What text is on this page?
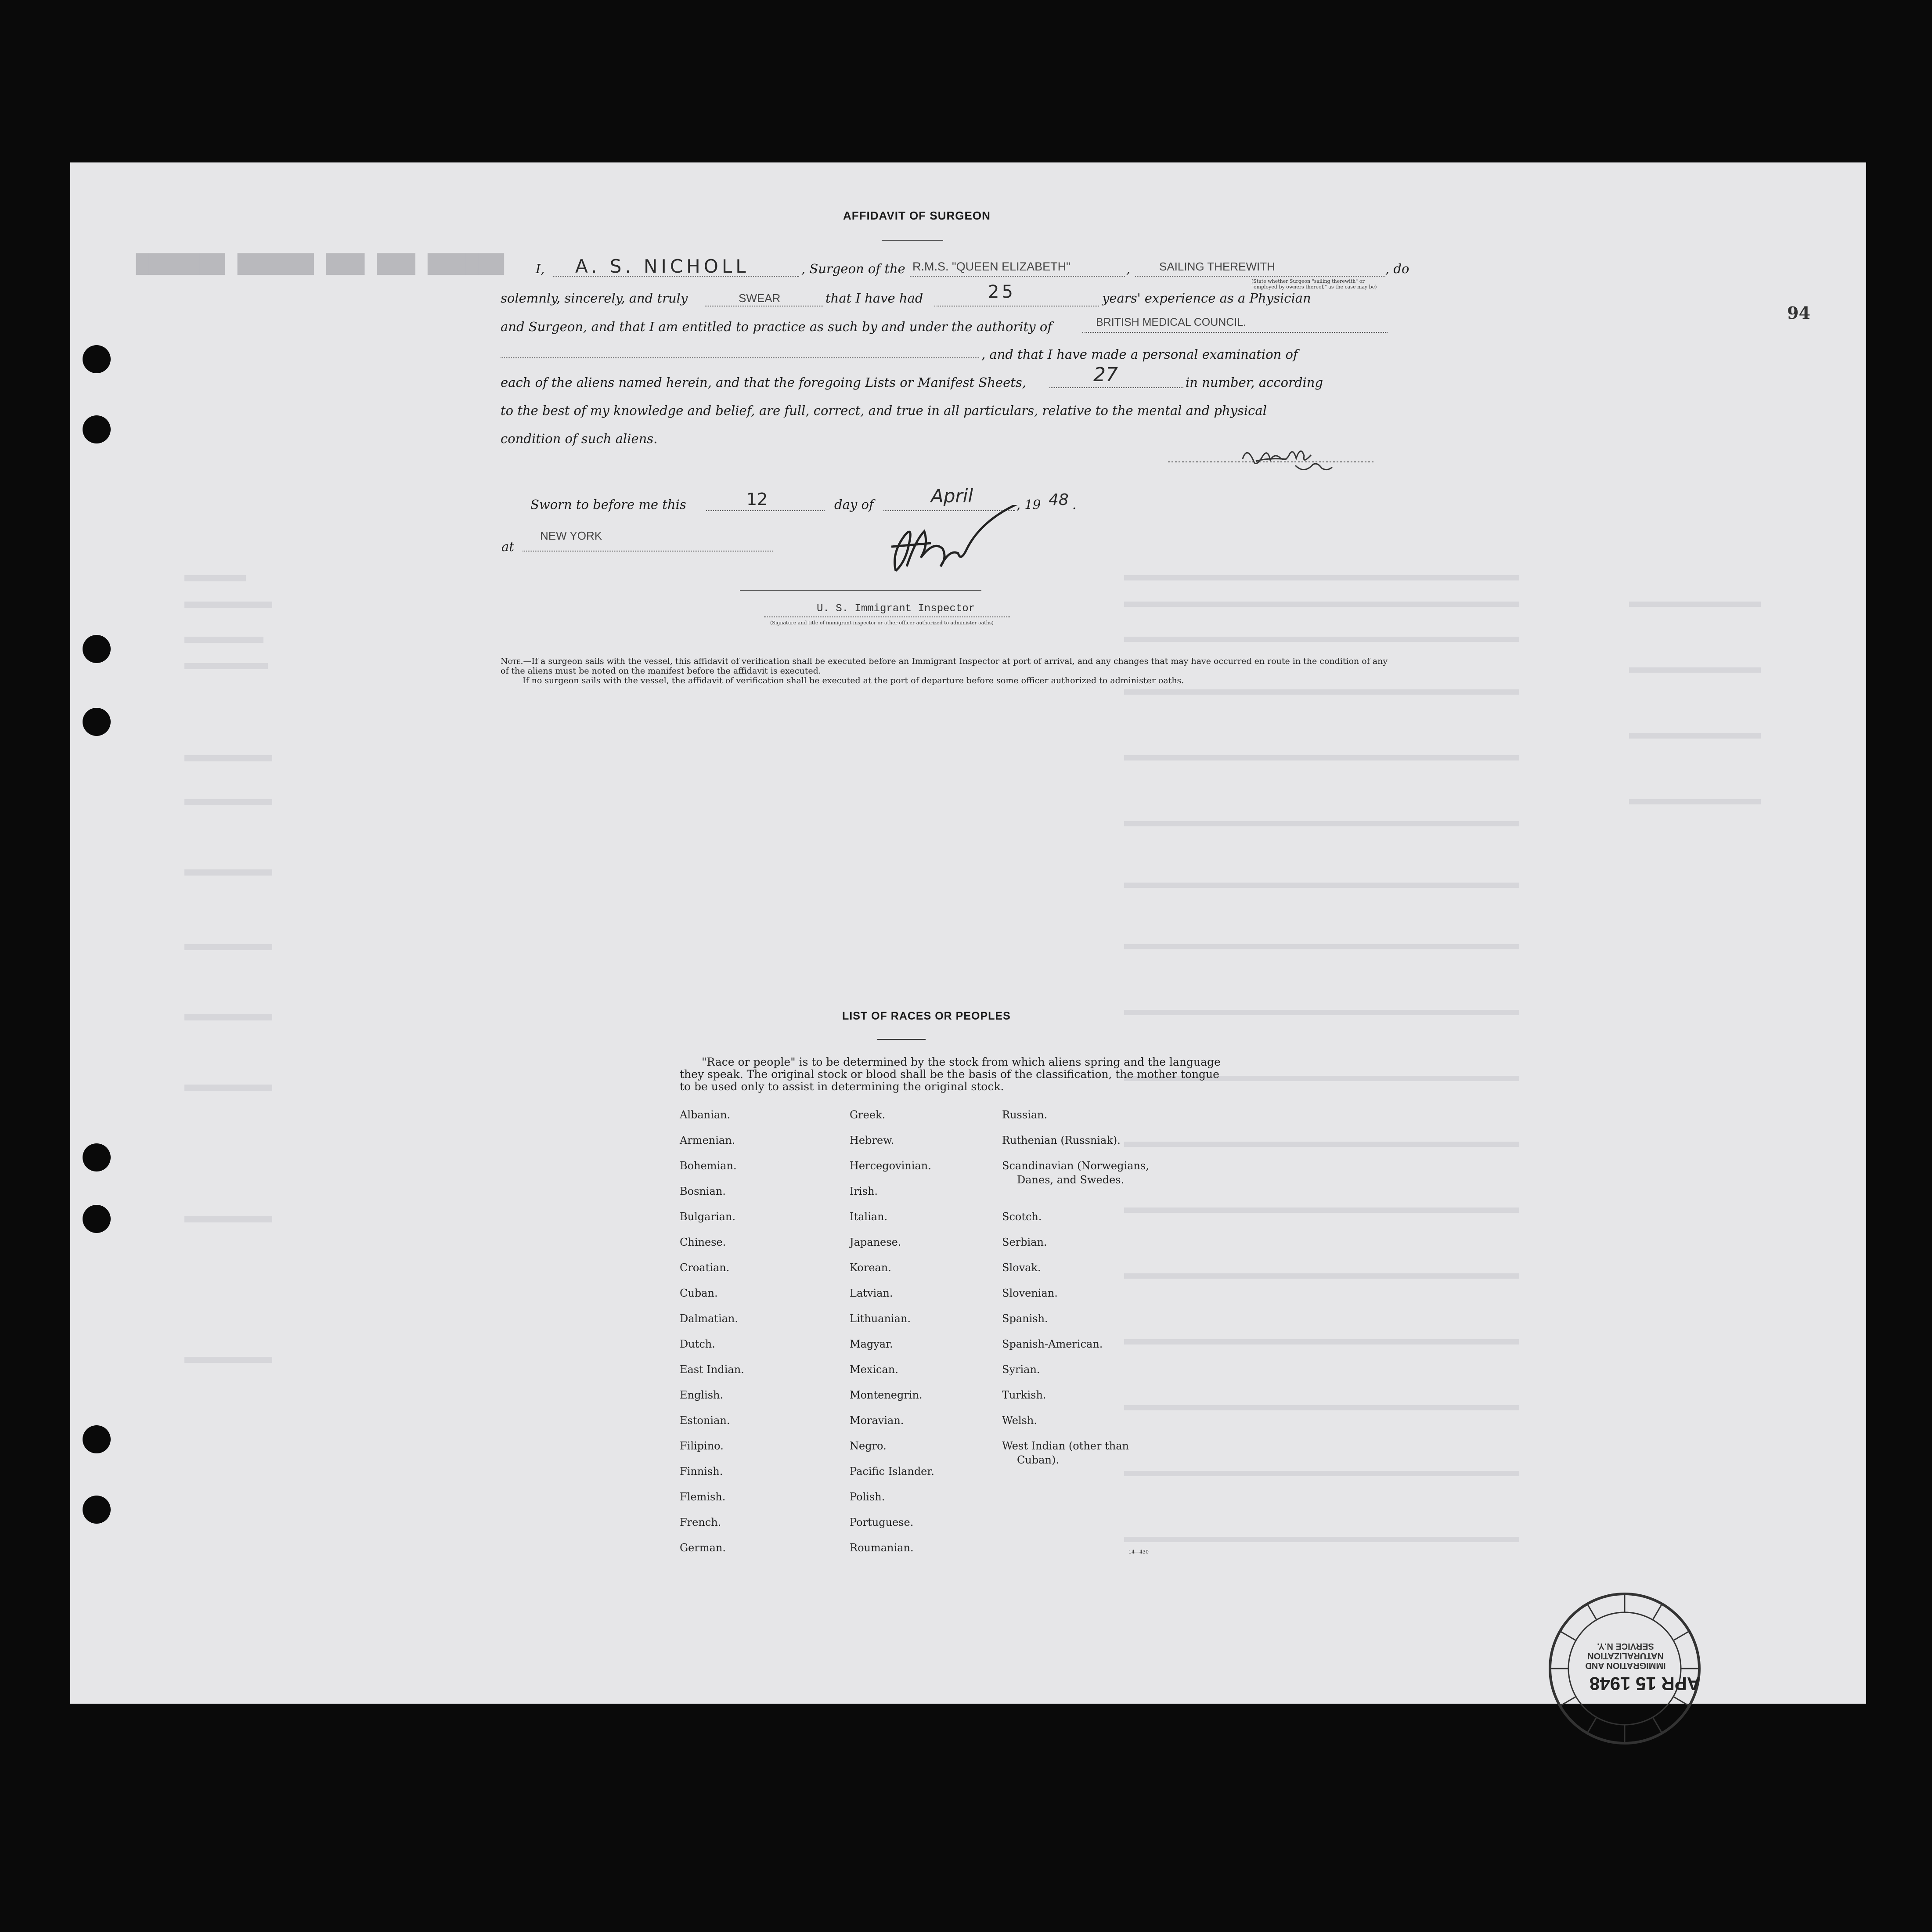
▇▇▇▇▇▇▇ ▇▇▇▇▇▇ ▇▇▇ ▇▇▇ ▇▇▇▇▇▇
94
AFFIDAVIT OF SURGEON
I, A. S. NICHOLL	, Surgeon of the R.M.S. "QUEEN ELIZABETH"	,	SAILING THEREWITH	, do
(State whether Surgeon "sailing therewith" or "employed by owners thereof," as the case may be)
solemnly, sincerely, and truly	SWEAR	that I have had	25	years' experience as a Physician
and Surgeon, and that I am entitled to practice as such by and under the authority of	BRITISH MEDICAL COUNCIL.
, and that I have made a personal examination of
each of the aliens named herein, and that the foregoing Lists or Manifest Sheets,	27	in number, according
to the best of my knowledge and belief, are full, correct, and true in all particulars, relative to the mental and physical
condition of such aliens.
Sworn to before me this	12	day of	April	, 19 48 .
at
NEW YORK
U. S. Immigrant Inspector
(Signature and title of immigrant inspector or other officer authorized to administer oaths)
Note.—If a surgeon sails with the vessel, this affidavit of verification shall be executed before an Immigrant Inspector at port of arrival, and any changes that may have occurred en route in the condition of any of the aliens must be noted on the manifest before the affidavit is executed.
If no surgeon sails with the vessel, the affidavit of verification shall be executed at the port of departure before some officer authorized to administer oaths.
LIST OF RACES OR PEOPLES
"Race or people" is to be determined by the stock from which aliens spring and the language they speak. The original stock or blood shall be the basis of the classification, the mother tongue to be used only to assist in determining the original stock.
Albanian.
Armenian.
Bohemian.
Bosnian.
Bulgarian.
Chinese.
Croatian.
Cuban.
Dalmatian.
Dutch.
East Indian.
English.
Estonian.
Filipino.
Finnish.
Flemish.
French.
German.
Greek.
Hebrew.
Hercegovinian.
Irish.
Italian.
Japanese.
Korean.
Latvian.
Lithuanian.
Magyar.
Mexican.
Montenegrin.
Moravian.
Negro.
Pacific Islander.
Polish.
Portuguese.
Roumanian.
Russian.
Ruthenian (Russniak).
Scandinavian (Norwegians,
Danes, and Swedes.
Scotch.
Serbian.
Slovak.
Slovenian.
Spanish.
Spanish-American.
Syrian.
Turkish.
Welsh.
West Indian (other than
Cuban).
14—430
APR 15 1948
IMMIGRATION AND NATURALIZATION SERVICE N.Y.
